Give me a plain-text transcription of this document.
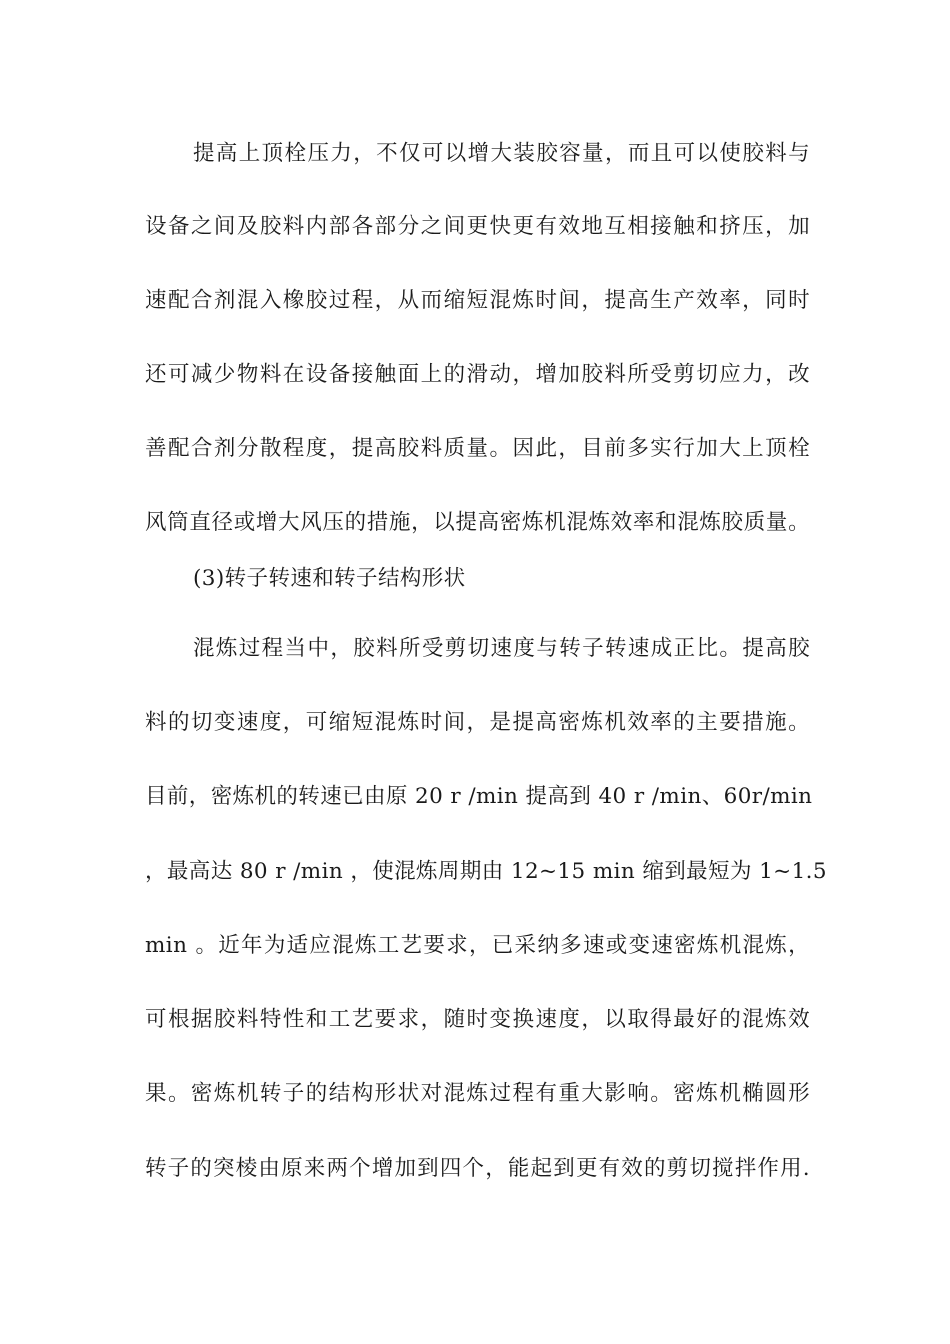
提高上顶栓压力，不仅可以增大装胶容量，而且可以使胶料与
设备之间及胶料内部各部分之间更快更有效地互相接触和挤压，加
速配合剂混入橡胶过程，从而缩短混炼时间，提高生产效率，同时
还可减少物料在设备接触面上的滑动，增加胶料所受剪切应力，改
善配合剂分散程度，提高胶料质量。因此，目前多实行加大上顶栓
风筒直径或增大风压的措施，以提高密炼机混炼效率和混炼胶质量。
(3)转子转速和转子结构形状
混炼过程当中，胶料所受剪切速度与转子转速成正比。提高胶
料的切变速度，可缩短混炼时间，是提高密炼机效率的主要措施。
目前，密炼机的转速已由原 20 r /min 提高到 40 r /min、60r/min
，最高达 80 r /min ，使混炼周期由 12~15 min 缩到最短为 1~1.5
min 。近年为适应混炼工艺要求，已采纳多速或变速密炼机混炼，
可根据胶料特性和工艺要求，随时变换速度，以取得最好的混炼效
果。密炼机转子的结构形状对混炼过程有重大影响。密炼机椭圆形
转子的突棱由原来两个增加到四个，能起到更有效的剪切搅拌作用.
